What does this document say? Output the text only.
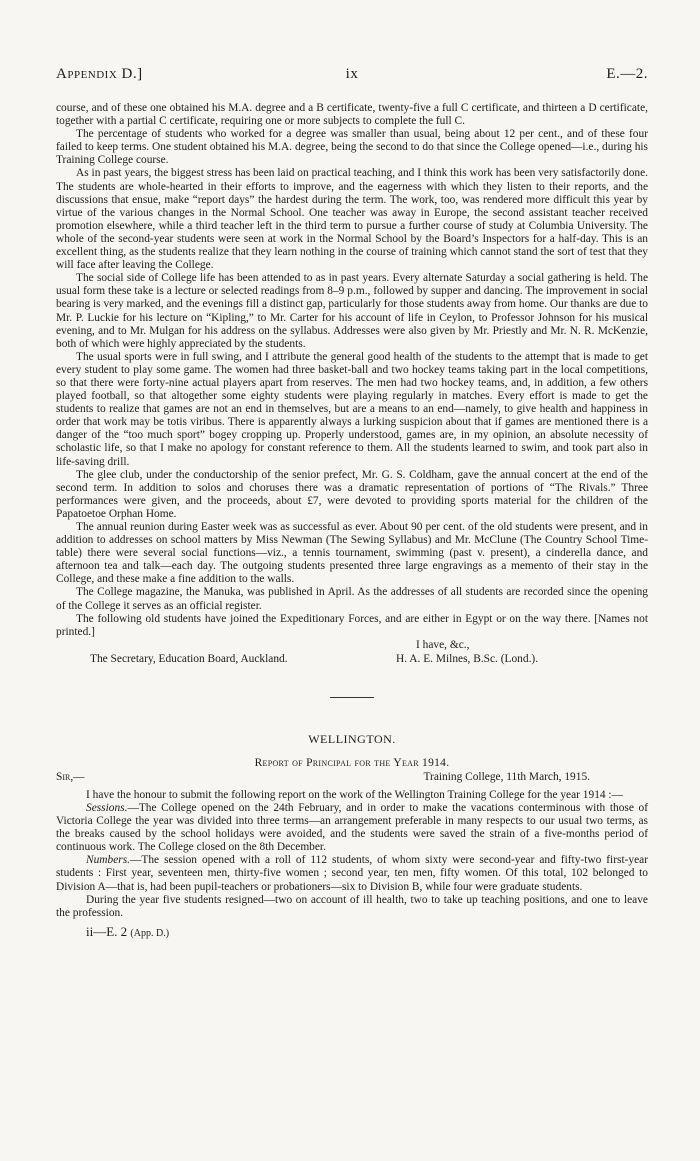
Appendix D.]	ix	E.—2.

course, and of these one obtained his M.A. degree and a B certificate, twenty-five a full C certificate, and thirteen a D certificate, together with a partial C certificate, requiring one or more subjects to complete the full C.

The percentage of students who worked for a degree was smaller than usual, being about 12 per cent., and of these four failed to keep terms. One student obtained his M.A. degree, being the second to do that since the College opened—i.e., during his Training College course.

As in past years, the biggest stress has been laid on practical teaching, and I think this work has been very satisfactorily done. The students are whole-hearted in their efforts to improve, and the eagerness with which they listen to their reports, and the discussions that ensue, make “report days” the hardest during the term. The work, too, was rendered more difficult this year by virtue of the various changes in the Normal School. One teacher was away in Europe, the second assistant teacher received promotion elsewhere, while a third teacher left in the third term to pursue a further course of study at Columbia University. The whole of the second-year students were seen at work in the Normal School by the Board’s Inspectors for a half-day. This is an excellent thing, as the students realize that they learn nothing in the course of training which cannot stand the sort of test that they will face after leaving the College.

The social side of College life has been attended to as in past years. Every alternate Saturday a social gathering is held. The usual form these take is a lecture or selected readings from 8–9 p.m., followed by supper and dancing. The improvement in social bearing is very marked, and the evenings fill a distinct gap, particularly for those students away from home. Our thanks are due to Mr. P. Luckie for his lecture on “Kipling,” to Mr. Carter for his account of life in Ceylon, to Professor Johnson for his musical evening, and to Mr. Mulgan for his address on the syllabus. Addresses were also given by Mr. Priestly and Mr. N. R. McKenzie, both of which were highly appreciated by the students.

The usual sports were in full swing, and I attribute the general good health of the students to the attempt that is made to get every student to play some game. The women had three basket-ball and two hockey teams taking part in the local competitions, so that there were forty-nine actual players apart from reserves. The men had two hockey teams, and, in addition, a few others played football, so that altogether some eighty students were playing regularly in matches. Every effort is made to get the students to realize that games are not an end in themselves, but are a means to an end—namely, to give health and happiness in order that work may be totis viribus. There is apparently always a lurking suspicion about that if games are mentioned there is a danger of the “too much sport” bogey cropping up. Properly understood, games are, in my opinion, an absolute necessity of scholastic life, so that I make no apology for constant reference to them. All the students learned to swim, and took part also in life-saving drill.

The glee club, under the conductorship of the senior prefect, Mr. G. S. Coldham, gave the annual concert at the end of the second term. In addition to solos and choruses there was a dramatic representation of portions of “The Rivals.” Three performances were given, and the proceeds, about £7, were devoted to providing sports material for the children of the Papatoetoe Orphan Home.

The annual reunion during Easter week was as successful as ever. About 90 per cent. of the old students were present, and in addition to addresses on school matters by Miss Newman (The Sewing Syllabus) and Mr. McClune (The Country School Time-table) there were several social functions—viz., a tennis tournament, swimming (past v. present), a cinderella dance, and afternoon tea and talk—each day. The outgoing students presented three large engravings as a memento of their stay in the College, and these make a fine addition to the walls.

The College magazine, the Manuka, was published in April. As the addresses of all students are recorded since the opening of the College it serves as an official register.

The following old students have joined the Expeditionary Forces, and are either in Egypt or on the way there. [Names not printed.]

I have, &c.,
The Secretary, Education Board, Auckland.	H. A. E. Milnes, B.Sc. (Lond.).
WELLINGTON.
Report of Principal for the Year 1914.
Sir,—	Training College, 11th March, 1915.

I have the honour to submit the following report on the work of the Wellington Training College for the year 1914 :—

Sessions.—The College opened on the 24th February, and in order to make the vacations conterminous with those of Victoria College the year was divided into three terms—an arrangement preferable in many respects to our usual two terms, as the breaks caused by the school holidays were avoided, and the students were saved the strain of a five-months period of continuous work. The College closed on the 8th December.

Numbers.—The session opened with a roll of 112 students, of whom sixty were second-year and fifty-two first-year students : First year, seventeen men, thirty-five women ; second year, ten men, fifty women. Of this total, 102 belonged to Division A—that is, had been pupil-teachers or probationers—six to Division B, while four were graduate students.

During the year five students resigned—two on account of ill health, two to take up teaching positions, and one to leave the profession.

ii—E. 2 (App. D.)
